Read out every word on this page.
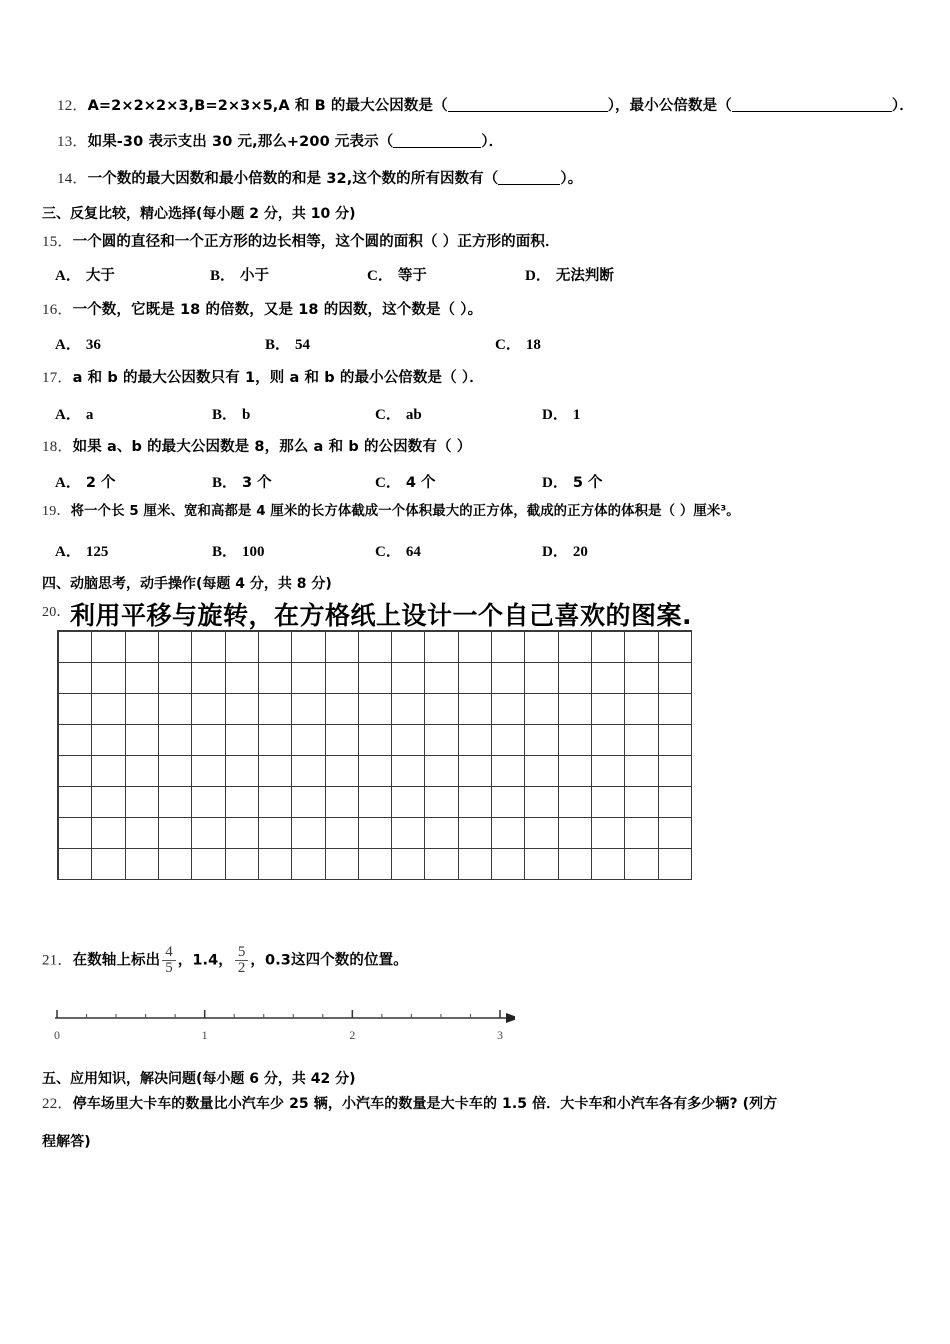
12．A=2×2×2×3,B=2×3×5,A 和 B 的最大公因数是（	），最小公倍数是（	）．
13．如果-30 表示支出 30 元,那么+200 元表示（	）．
14．一个数的最大因数和最小倍数的和是 32,这个数的所有因数有（	）。
三、反复比较，精心选择(每小题 2 分，共 10 分)
15．一个圆的直径和一个正方形的边长相等，这个圆的面积（ ）正方形的面积．
A． 大于	B． 小于	C． 等于	D． 无法判断
16．一个数，它既是 18 的倍数，又是 18 的因数，这个数是（ ）。
A． 36	B． 54	C． 18
17．a 和 b 的最大公因数只有 1，则 a 和 b 的最小公倍数是（ ）．
A． a	B． b	C． ab	D． 1
18．如果 a、b 的最大公因数是 8，那么 a 和 b 的公因数有（ ）
A． 2 个	B． 3 个	C． 4 个	D． 5 个
19．将一个长 5 厘米、宽和高都是 4 厘米的长方体截成一个体积最大的正方体，截成的正方体的体积是（ ）厘米³。
A． 125	B． 100	C． 64	D． 20
四、动脑思考，动手操作(每题 4 分，共 8 分)
20． 利用平移与旋转，在方格纸上设计一个自己喜欢的图案.
21．在数轴上标出 $\frac{4}{5}$ ，1.4， $\frac{5}{2}$ ，0.3这四个数的位置。
0	1	2	3
五、应用知识，解决问题(每小题 6 分，共 42 分)
22．停车场里大卡车的数量比小汽车少 25 辆，小汽车的数量是大卡车的 1.5 倍．大卡车和小汽车各有多少辆? (列方
程解答)
